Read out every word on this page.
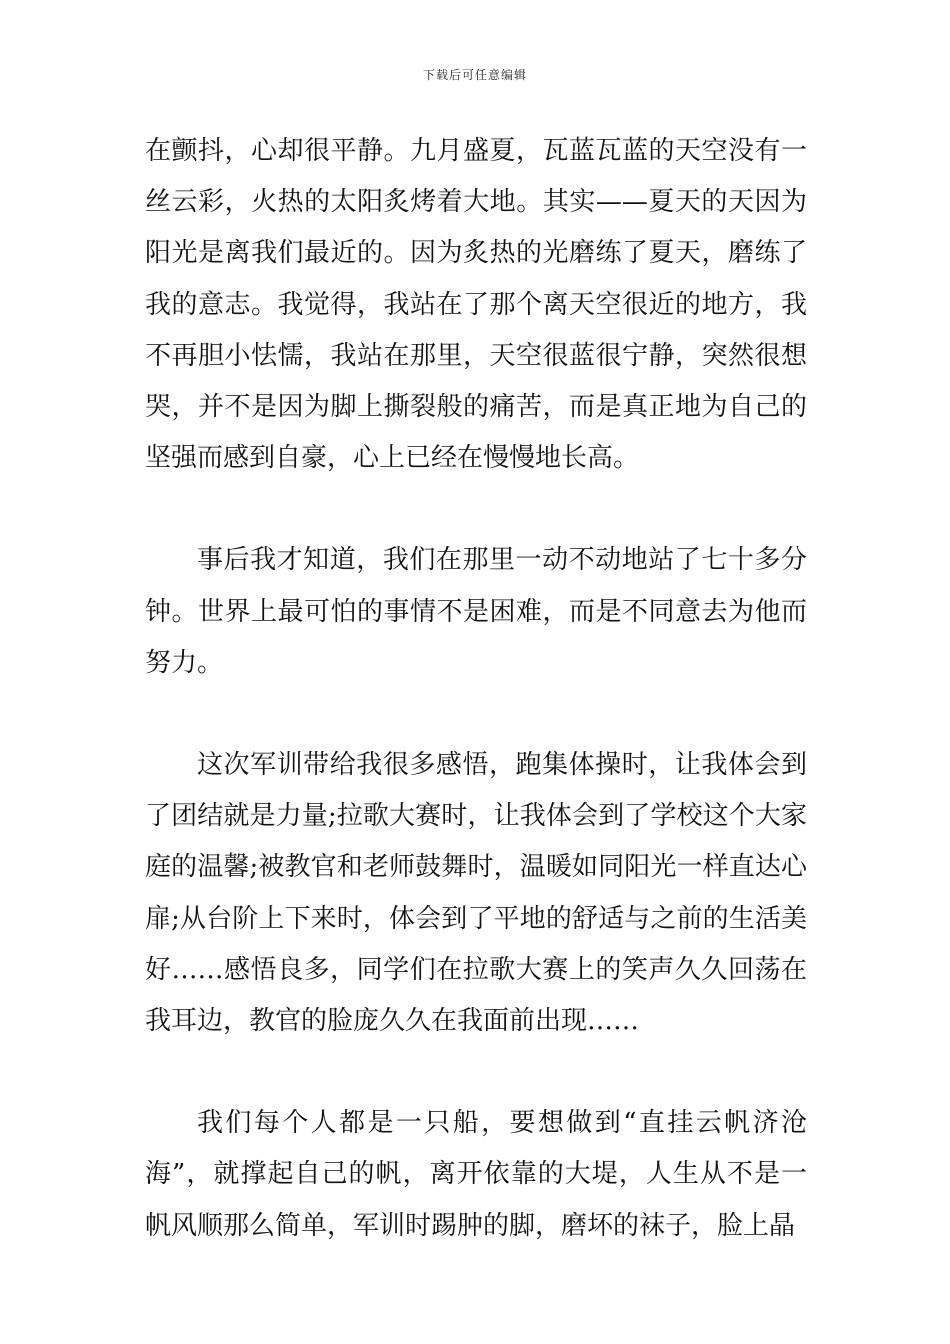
下载后可任意编辑

在颤抖，心却很平静。九月盛夏，瓦蓝瓦蓝的天空没有一丝云彩，火热的太阳炙烤着大地。其实——夏天的天因为阳光是离我们最近的。因为炙热的光磨练了夏天，磨练了我的意志。我觉得，我站在了那个离天空很近的地方，我不再胆小怯懦，我站在那里，天空很蓝很宁静，突然很想哭，并不是因为脚上撕裂般的痛苦，而是真正地为自己的坚强而感到自豪，心上已经在慢慢地长高。

事后我才知道，我们在那里一动不动地站了七十多分钟。世界上最可怕的事情不是困难，而是不同意去为他而努力。

这次军训带给我很多感悟，跑集体操时，让我体会到了团结就是力量;拉歌大赛时，让我体会到了学校这个大家庭的温馨;被教官和老师鼓舞时，温暖如同阳光一样直达心扉;从台阶上下来时，体会到了平地的舒适与之前的生活美好……感悟良多，同学们在拉歌大赛上的笑声久久回荡在我耳边，教官的脸庞久久在我面前出现……

我们每个人都是一只船，要想做到“直挂云帆济沧海”，就撑起自己的帆，离开依靠的大堤，人生从不是一帆风顺那么简单，军训时踢肿的脚，磨坏的袜子，脸上晶
